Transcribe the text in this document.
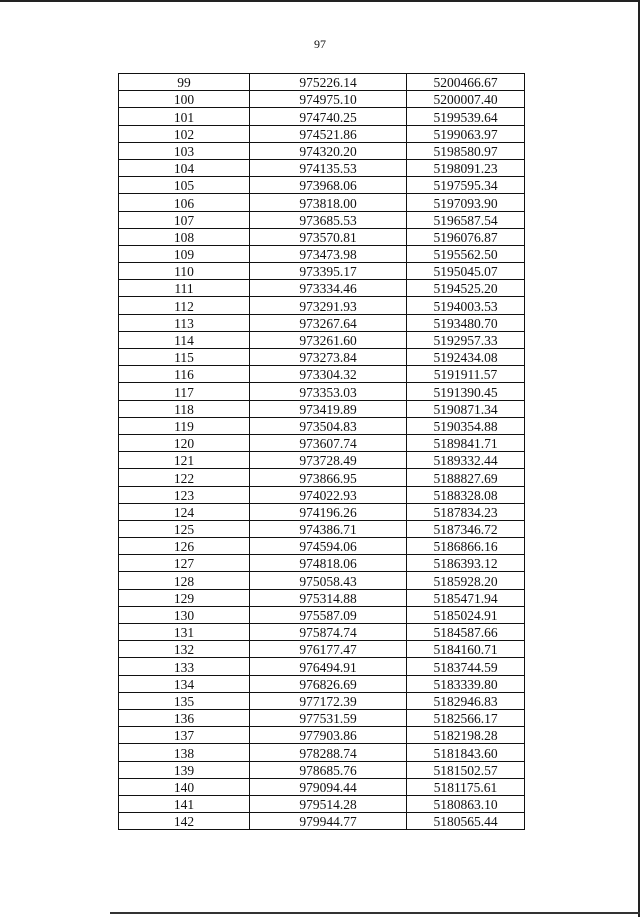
97
99	975226.14	5200466.67
100	974975.10	5200007.40
101	974740.25	5199539.64
102	974521.86	5199063.97
103	974320.20	5198580.97
104	974135.53	5198091.23
105	973968.06	5197595.34
106	973818.00	5197093.90
107	973685.53	5196587.54
108	973570.81	5196076.87
109	973473.98	5195562.50
110	973395.17	5195045.07
111	973334.46	5194525.20
112	973291.93	5194003.53
113	973267.64	5193480.70
114	973261.60	5192957.33
115	973273.84	5192434.08
116	973304.32	5191911.57
117	973353.03	5191390.45
118	973419.89	5190871.34
119	973504.83	5190354.88
120	973607.74	5189841.71
121	973728.49	5189332.44
122	973866.95	5188827.69
123	974022.93	5188328.08
124	974196.26	5187834.23
125	974386.71	5187346.72
126	974594.06	5186866.16
127	974818.06	5186393.12
128	975058.43	5185928.20
129	975314.88	5185471.94
130	975587.09	5185024.91
131	975874.74	5184587.66
132	976177.47	5184160.71
133	976494.91	5183744.59
134	976826.69	5183339.80
135	977172.39	5182946.83
136	977531.59	5182566.17
137	977903.86	5182198.28
138	978288.74	5181843.60
139	978685.76	5181502.57
140	979094.44	5181175.61
141	979514.28	5180863.10
142	979944.77	5180565.44
